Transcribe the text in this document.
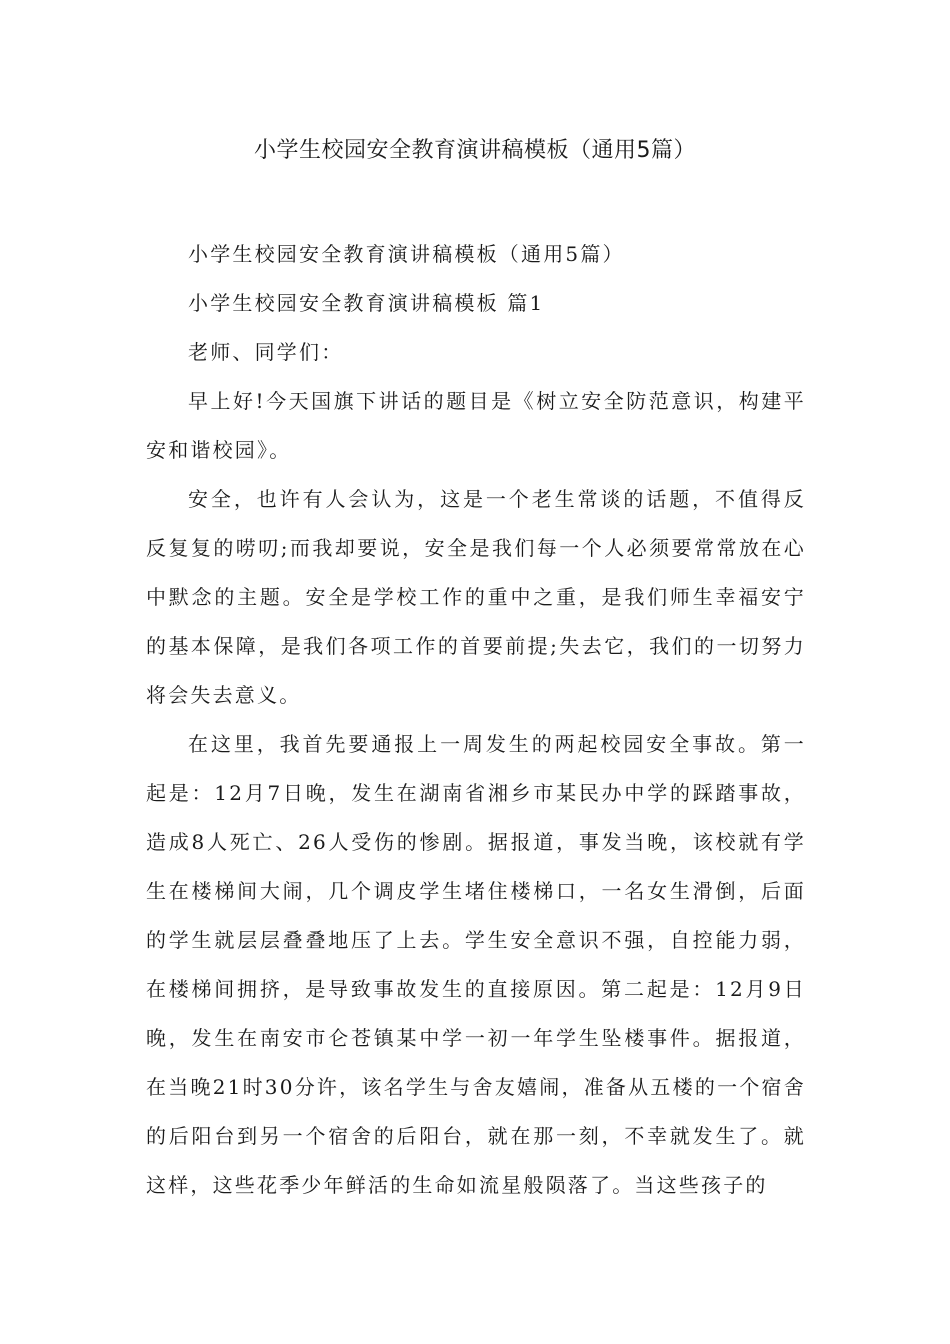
小学生校园安全教育演讲稿模板（通用5篇）

小学生校园安全教育演讲稿模板（通用5篇）

小学生校园安全教育演讲稿模板 篇1

老师、同学们：

早上好!今天国旗下讲话的题目是《树立安全防范意识，构建平安和谐校园》。

安全，也许有人会认为，这是一个老生常谈的话题，不值得反反复复的唠叨;而我却要说，安全是我们每一个人必须要常常放在心中默念的主题。安全是学校工作的重中之重，是我们师生幸福安宁的基本保障，是我们各项工作的首要前提;失去它，我们的一切努力将会失去意义。

在这里，我首先要通报上一周发生的两起校园安全事故。第一起是：12月7日晚，发生在湖南省湘乡市某民办中学的踩踏事故，造成8人死亡、26人受伤的惨剧。据报道，事发当晚，该校就有学生在楼梯间大闹，几个调皮学生堵住楼梯口，一名女生滑倒，后面的学生就层层叠叠地压了上去。学生安全意识不强，自控能力弱，在楼梯间拥挤，是导致事故发生的直接原因。第二起是：12月9日晚，发生在南安市仑苍镇某中学一初一年学生坠楼事件。据报道，在当晚21时30分许，该名学生与舍友嬉闹，准备从五楼的一个宿舍的后阳台到另一个宿舍的后阳台，就在那一刻，不幸就发生了。就这样，这些花季少年鲜活的生命如流星般陨落了。当这些孩子的
